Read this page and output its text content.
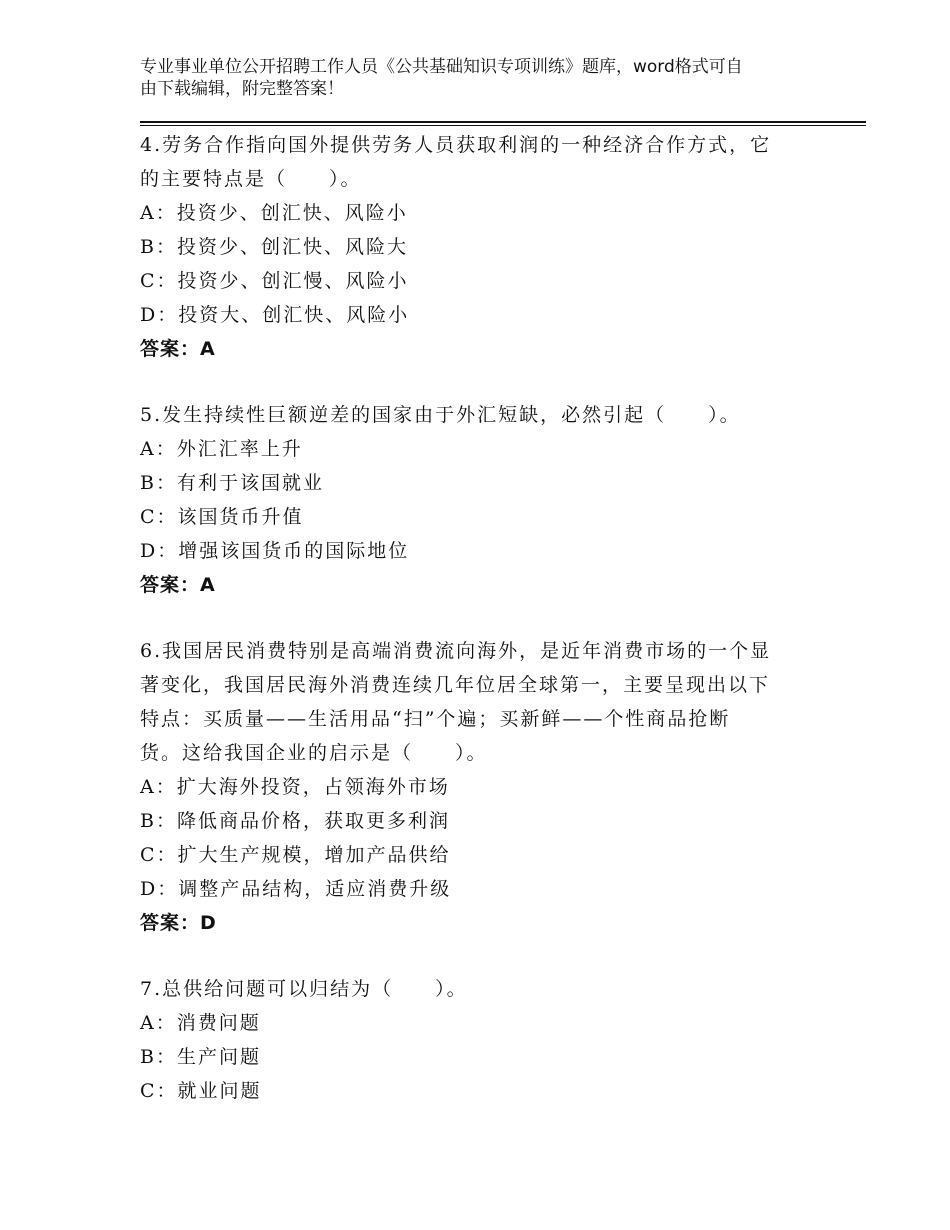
专业事业单位公开招聘工作人员《公共基础知识专项训练》题库，word格式可自
由下载编辑，附完整答案！

4.劳务合作指向国外提供劳务人员获取利润的一种经济合作方式，它

的主要特点是（　　）。

A：投资少、创汇快、风险小

B：投资少、创汇快、风险大

C：投资少、创汇慢、风险小

D：投资大、创汇快、风险小

答案：A

5.发生持续性巨额逆差的国家由于外汇短缺，必然引起（　　）。

A：外汇汇率上升

B：有利于该国就业

C：该国货币升值

D：增强该国货币的国际地位

答案：A

6.我国居民消费特别是高端消费流向海外，是近年消费市场的一个显

著变化，我国居民海外消费连续几年位居全球第一，主要呈现出以下

特点：买质量——生活用品“扫”个遍；买新鲜——个性商品抢断

货。这给我国企业的启示是（　　）。

A：扩大海外投资，占领海外市场

B：降低商品价格，获取更多利润

C：扩大生产规模，增加产品供给

D：调整产品结构，适应消费升级

答案：D

7.总供给问题可以归结为（　　）。

A：消费问题

B：生产问题

C：就业问题
